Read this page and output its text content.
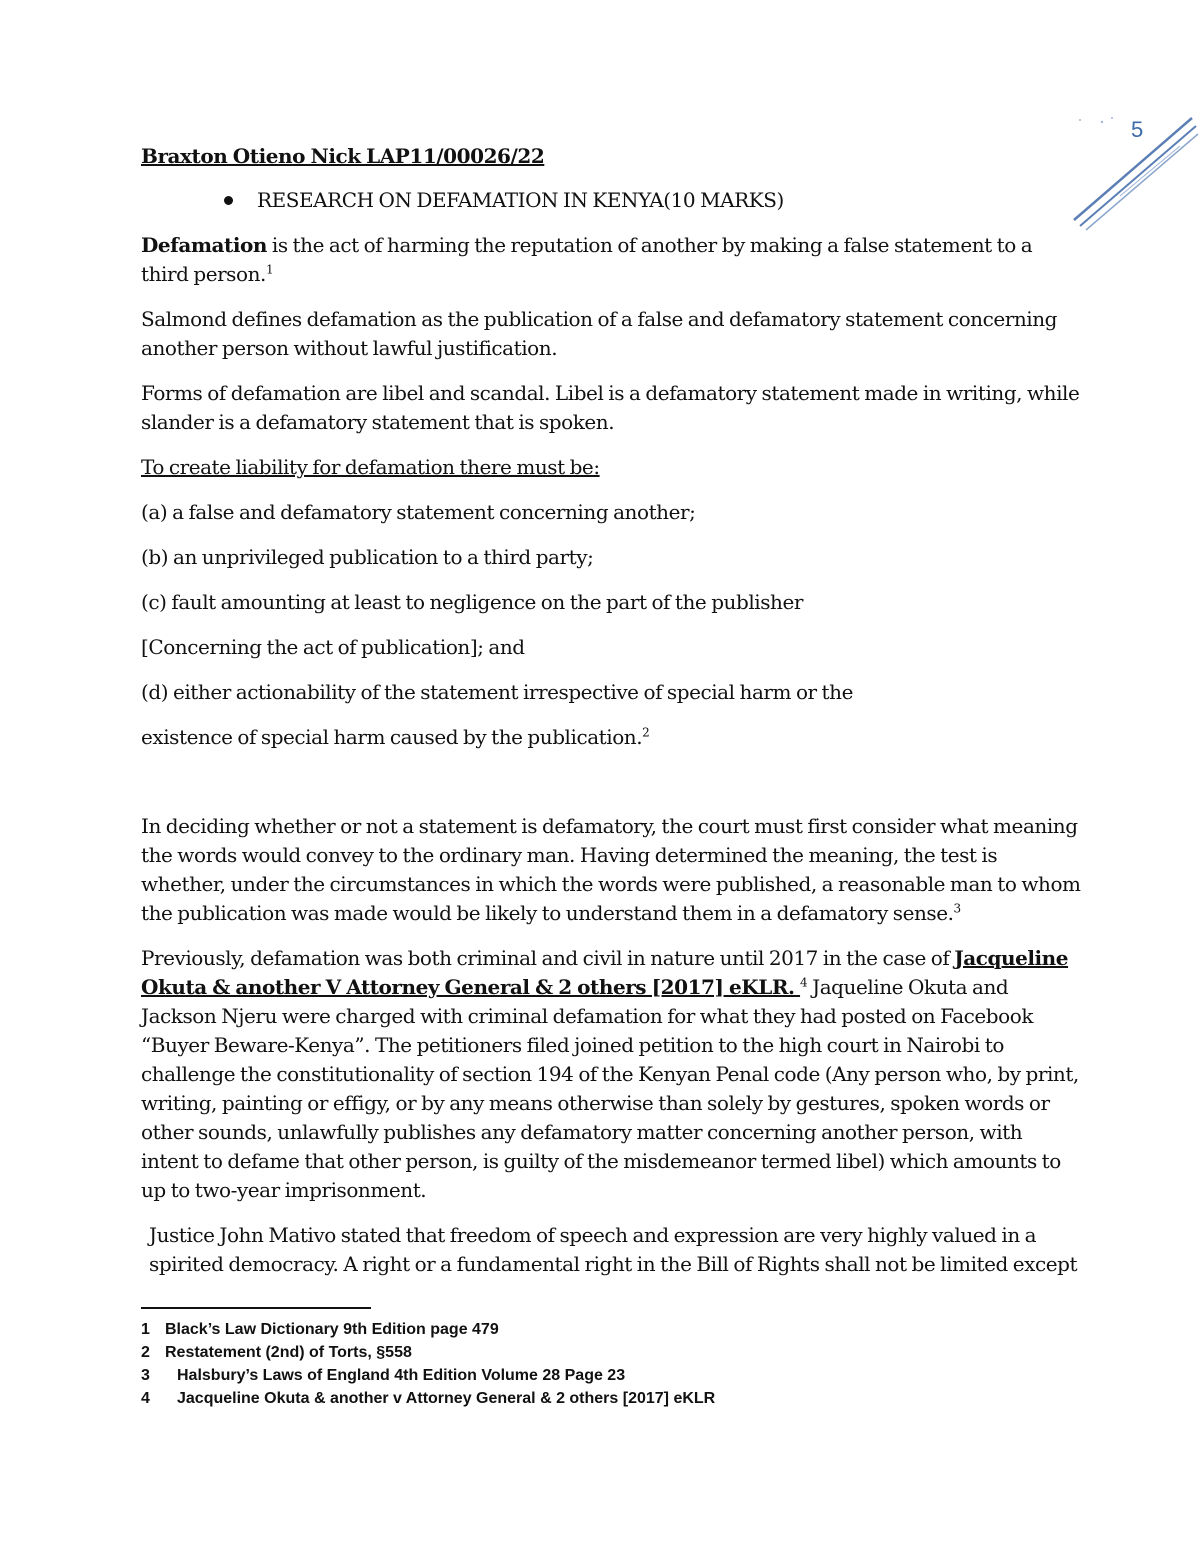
5

Braxton Otieno Nick LAP11/00026/22

RESEARCH ON DEFAMATION IN KENYA(10 MARKS)

Defamation is the act of harming the reputation of another by making a false statement to a third person.$^1$

Salmond defines defamation as the publication of a false and defamatory statement concerning another person without lawful justification.

Forms of defamation are libel and scandal. Libel is a defamatory statement made in writing, while slander is a defamatory statement that is spoken.

To create liability for defamation there must be:

(a) a false and defamatory statement concerning another;

(b) an unprivileged publication to a third party;

(c) fault amounting at least to negligence on the part of the publisher

[Concerning the act of publication]; and

(d) either actionability of the statement irrespective of special harm or the

existence of special harm caused by the publication.$^2$

In deciding whether or not a statement is defamatory, the court must first consider what meaning the words would convey to the ordinary man. Having determined the meaning, the test is whether, under the circumstances in which the words were published, a reasonable man to whom the publication was made would be likely to understand them in a defamatory sense.$^3$

Previously, defamation was both criminal and civil in nature until 2017 in the case of Jacqueline Okuta & another V Attorney General & 2 others [2017] eKLR. $^4$ Jaqueline Okuta and Jackson Njeru were charged with criminal defamation for what they had posted on Facebook “Buyer Beware-Kenya”. The petitioners filed joined petition to the high court in Nairobi to challenge the constitutionality of section 194 of the Kenyan Penal code (Any person who, by print, writing, painting or effigy, or by any means otherwise than solely by gestures, spoken words or other sounds, unlawfully publishes any defamatory matter concerning another person, with intent to defame that other person, is guilty of the misdemeanor termed libel) which amounts to up to two-year imprisonment.

Justice John Mativo stated that freedom of speech and expression are very highly valued in a spirited democracy. A right or a fundamental right in the Bill of Rights shall not be limited except

1 Black’s Law Dictionary 9th Edition page 479
2 Restatement (2nd) of Torts, §558
3	Halsbury’s Laws of England 4th Edition Volume 28 Page 23
4	Jacqueline Okuta & another v Attorney General & 2 others [2017] eKLR
